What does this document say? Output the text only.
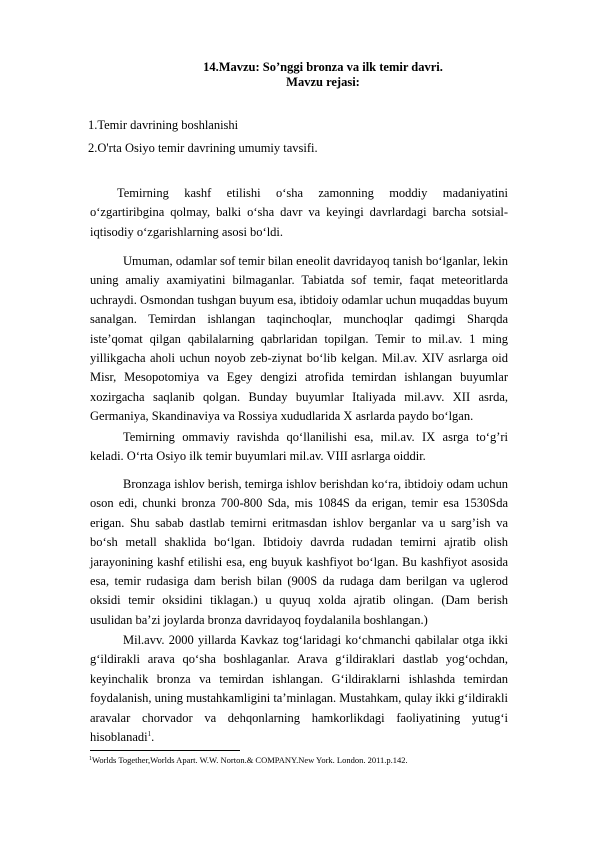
14.Mavzu: So’nggi bronza va ilk temir davri.
Mavzu rejasi:
1.Temir davrining boshlanishi
2.O'rta Osiyo temir davrining umumiy tavsifi.

Temirning kashf etilishi o‘sha zamonning moddiy madaniyatini o‘zgartiribgina qolmay, balki o‘sha davr va keyingi davrlardagi barcha sotsial-iqtisodiy o‘zgarishlarning asosi bo‘ldi.

Umuman, odamlar sof temir bilan eneolit davridayoq tanish bo‘lganlar, lekin uning amaliy axamiyatini bilmaganlar. Tabiatda sof temir, faqat meteoritlarda uchraydi. Osmondan tushgan buyum esa, ibtidoiy odamlar uchun muqaddas buyum sanalgan. Temirdan ishlangan taqinchoqlar, munchoqlar qadimgi Sharqda iste’qomat qilgan qabilalarning qabrlaridan topilgan. Temir to mil.av. 1 ming yillikgacha aholi uchun noyob zeb-ziynat bo‘lib kelgan. Mil.av. XIV asrlarga oid Misr, Mesopotomiya va Egey dengizi atrofida temirdan ishlangan buyumlar xozirgacha saqlanib qolgan. Bunday buyumlar Italiyada mil.avv. XII asrda, Germaniya, Skandinaviya va Rossiya xududlarida X asrlarda paydo bo‘lgan.

Temirning ommaviy ravishda qo‘llanilishi esa, mil.av. IX asrga to‘g’ri keladi. O‘rta Osiyo ilk temir buyumlari mil.av. VIII asrlarga oiddir.

Bronzaga ishlov berish, temirga ishlov berishdan ko‘ra, ibtidoiy odam uchun oson edi, chunki bronza 700-800 Sda, mis 1084S da erigan, temir esa 1530Sda erigan. Shu sabab dastlab temirni eritmasdan ishlov berganlar va u sarg’ish va bo‘sh metall shaklida bo‘lgan. Ibtidoiy davrda rudadan temirni ajratib olish jarayonining kashf etilishi esa, eng buyuk kashfiyot bo‘lgan. Bu kashfiyot asosida esa, temir rudasiga dam berish bilan (900S da rudaga dam berilgan va uglerod oksidi temir oksidini tiklagan.) u quyuq xolda ajratib olingan. (Dam berish usulidan ba’zi joylarda bronza davridayoq foydalanila boshlangan.)

Mil.avv. 2000 yillarda Kavkaz tog‘laridagi ko‘chmanchi qabilalar otga ikki g‘ildirakli arava qo‘sha boshlaganlar. Arava g‘ildiraklari dastlab yog‘ochdan, keyinchalik bronza va temirdan ishlangan. G‘ildiraklarni ishlashda temirdan foydalanish, uning mustahkamligini ta’minlagan. Mustahkam, qulay ikki g‘ildirakli aravalar chorvador va dehqonlarning hamkorlikdagi faoliyatining yutug‘i hisoblanadi$^1$.

$^1$Worlds Together,Worlds Apart. W.W. Norton.& COMPANY.New York. London. 2011.p.142.
